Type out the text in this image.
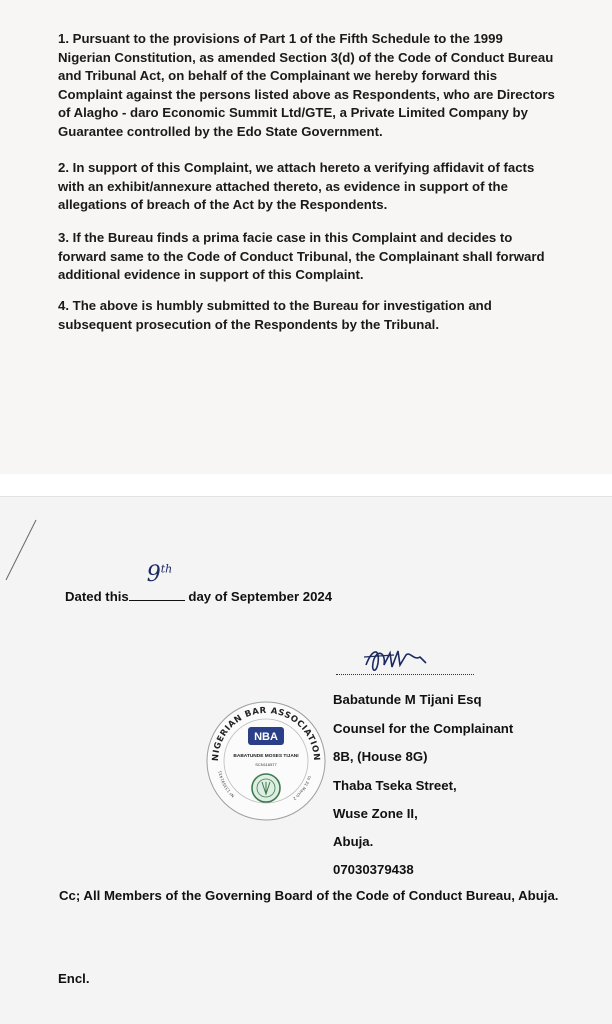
1. Pursuant to the provisions of Part 1 of the Fifth Schedule to the 1999 Nigerian Constitution, as amended Section 3(d) of the Code of Conduct Bureau and Tribunal Act, on behalf of the Complainant we hereby forward this Complaint against the persons listed above as Respondents, who are Directors of Alagho - daro Economic Summit Ltd/GTE, a Private Limited Company by Guarantee controlled by the Edo State Government.

2. In support of this Complaint, we attach hereto a verifying affidavit of facts with an exhibit/annexure attached thereto, as evidence in support of the allegations of breach of the Act by the Respondents.

3. If the Bureau finds a prima facie case in this Complaint and decides to forward same to the Code of Conduct Tribunal, the Complainant shall forward additional evidence in support of this Complaint.

4. The above is humbly submitted to the Bureau for investigation and subsequent prosecution of the Respondents by the Tribunal.

Dated this
9th
day of September 2024
Babatunde M Tijani Esq
Counsel for the Complainant
8B, (House 8G)
Thaba Tseka Street,
Wuse Zone II,
Abuja.
07030379438
NIGERIAN BAR ASSOCIATION
Nº 133591431
to 31 March 2
NBA
BABATUNDE MOSES TIJANI
SCN116577
Cc; All Members of the Governing Board of the Code of Conduct Bureau, Abuja.
Encl.
